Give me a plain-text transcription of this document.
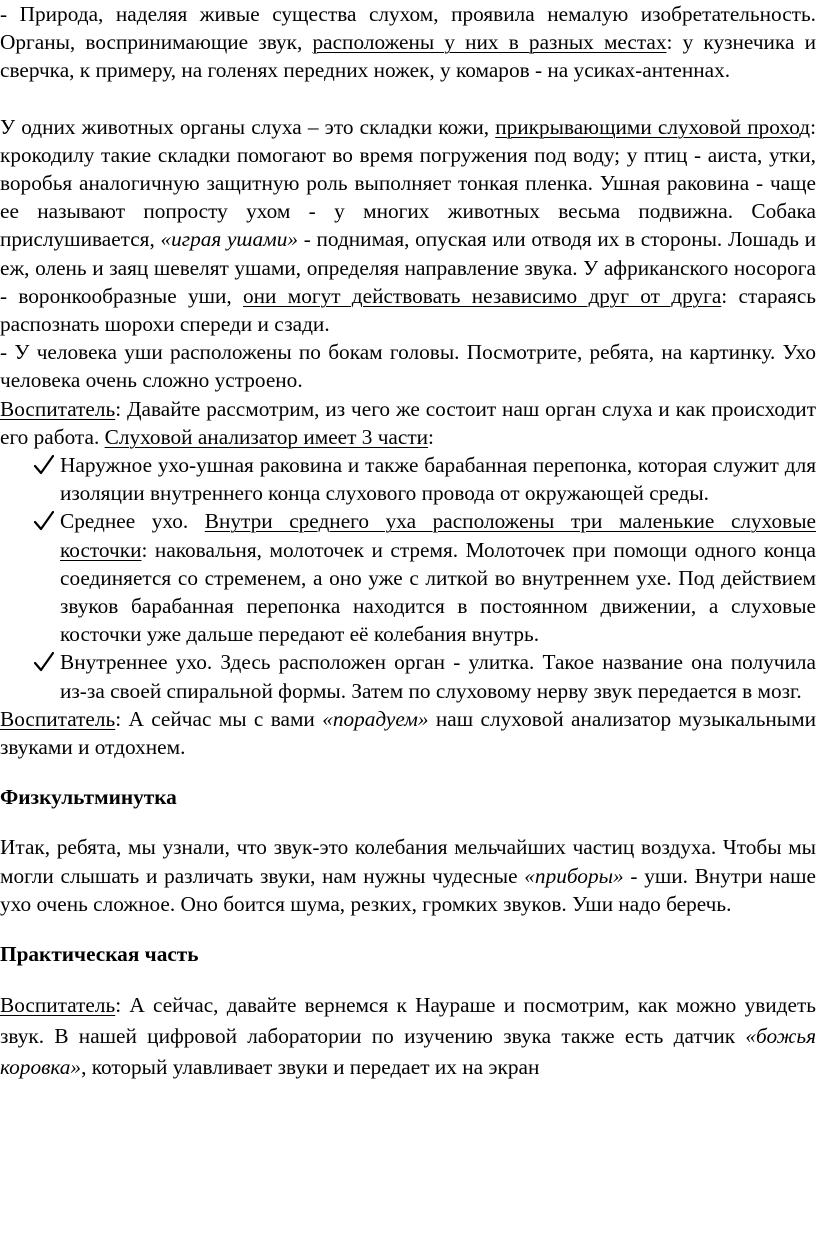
- Природа, наделяя живые существа слухом, проявила немалую изобретательность. Органы, воспринимающие звук, расположены у них в разных местах: у кузнечика и сверчка, к примеру, на голенях передних ножек, у комаров - на усиках-антеннах.

У одних животных органы слуха – это складки кожи, прикрывающими слуховой проход: крокодилу такие складки помогают во время погружения под воду; у птиц - аиста, утки, воробья аналогичную защитную роль выполняет тонкая пленка. Ушная раковина - чаще ее называют попросту ухом - у многих животных весьма подвижна. Собака прислушивается, «играя ушами» - поднимая, опуская или отводя их в стороны. Лошадь и еж, олень и заяц шевелят ушами, определяя направление звука. У африканского носорога - воронкообразные уши, они могут действовать независимо друг от друга: стараясь распознать шорохи спереди и сзади.

- У человека уши расположены по бокам головы. Посмотрите, ребята, на картинку. Ухо человека очень сложно устроено.

Воспитатель: Давайте рассмотрим, из чего же состоит наш орган слуха и как происходит его работа. Слуховой анализатор имеет 3 части:

Наружное ухо-ушная раковина и также барабанная перепонка, которая служит для изоляции внутреннего конца слухового провода от окружающей среды.
Среднее ухо. Внутри среднего уха расположены три маленькие слуховые косточки: наковальня, молоточек и стремя. Молоточек при помощи одного конца соединяется со стременем, а оно уже с литкой во внутреннем ухе. Под действием звуков барабанная перепонка находится в постоянном движении, а слуховые косточки уже дальше передают её колебания внутрь.
Внутреннее ухо. Здесь расположен орган - улитка. Такое название она получила из-за своей спиральной формы. Затем по слуховому нерву звук передается в мозг.

Воспитатель: А сейчас мы с вами «порадуем» наш слуховой анализатор музыкальными звуками и отдохнем.

Физкультминутка

Итак, ребята, мы узнали, что звук-это колебания мельчайших частиц воздуха. Чтобы мы могли слышать и различать звуки, нам нужны чудесные «приборы» - уши. Внутри наше ухо очень сложное. Оно боится шума, резких, громких звуков. Уши надо беречь.

Практическая часть

Воспитатель: А сейчас, давайте вернемся к Наураше и посмотрим, как можно увидеть звук. В нашей цифровой лаборатории по изучению звука также есть датчик «божья коровка», который улавливает звуки и передает их на экран
